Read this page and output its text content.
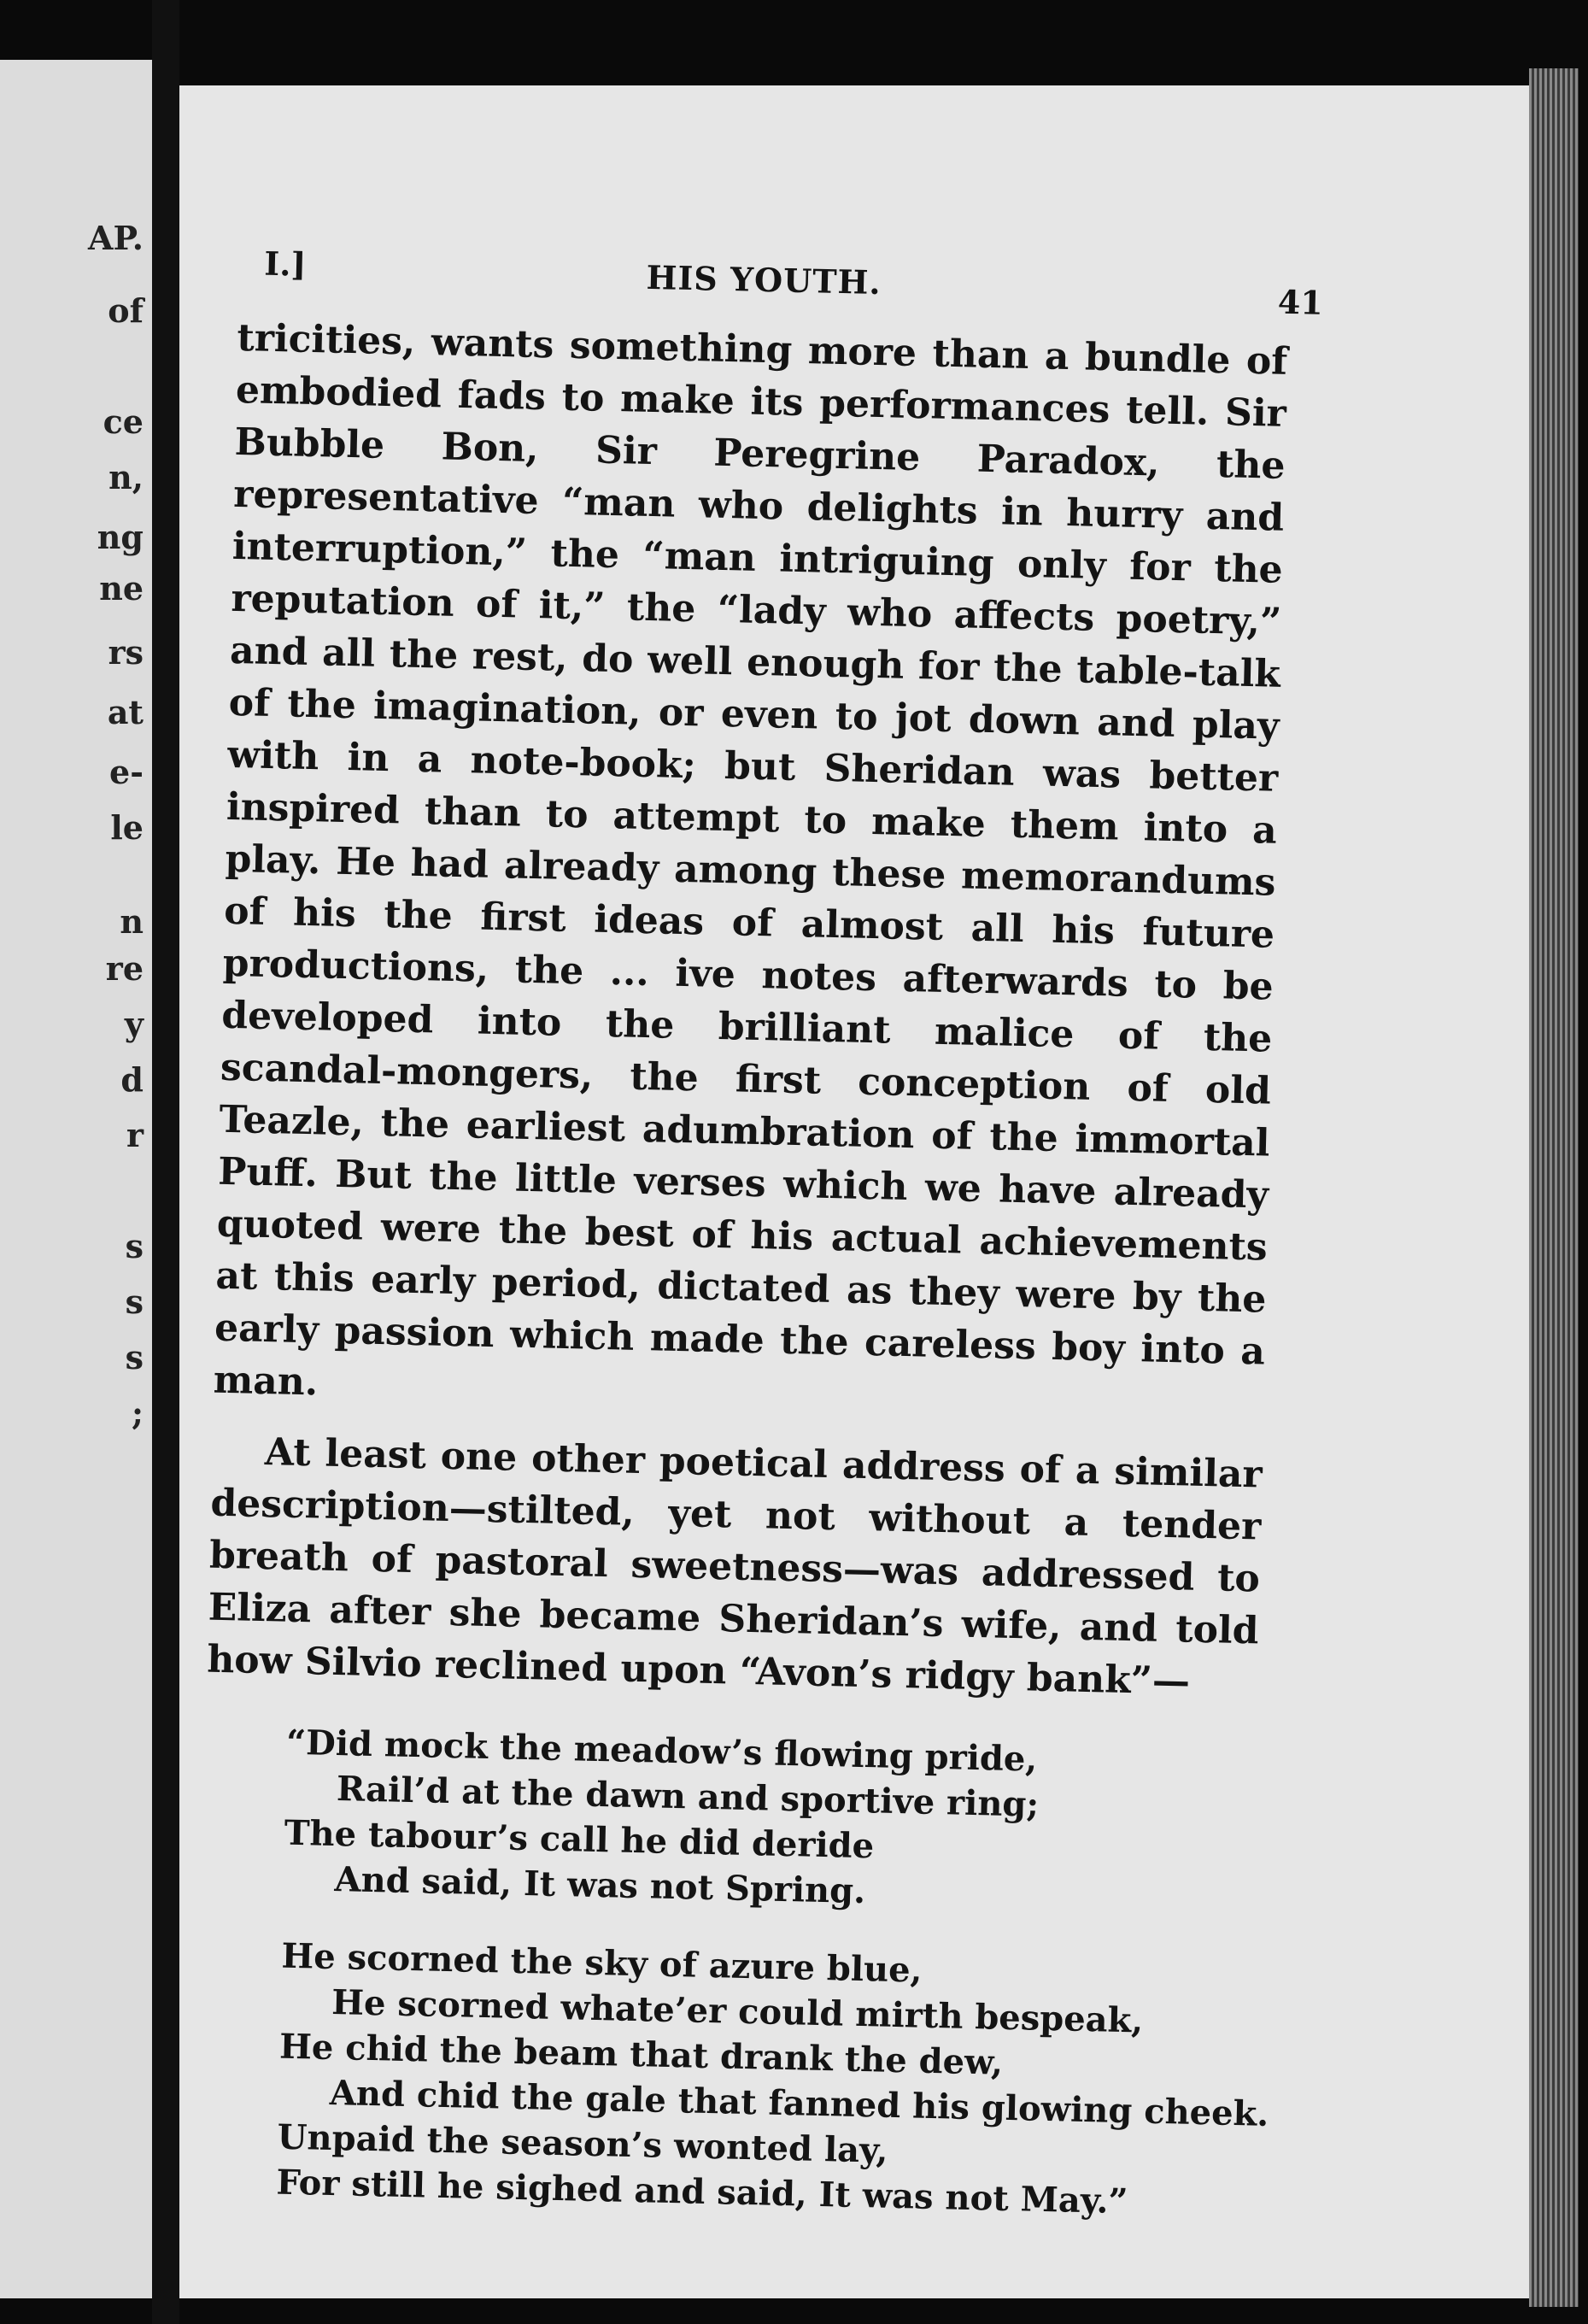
AP.
of
ce
n,
ng
ne
rs
at
e-
le
n
re
y
d
r
s
s
s
;
I.]	HIS YOUTH.
41

tricities, wants something more than a bundle of embodied fads to make its performances tell. Sir Bubble Bon, Sir Peregrine Paradox, the representative “man who delights in hurry and interruption,” the “man intriguing only for the reputation of it,” the “lady who affects poetry,” and all the rest, do well enough for the table-talk of the imagination, or even to jot down and play with in a note-book; but Sheridan was better inspired than to attempt to make them into a play. He had already among these memorandums of his the first ideas of almost all his future productions, the ... ive notes afterwards to be developed into the brilliant malice of the scandal-mongers, the first conception of old Teazle, the earliest adumbration of the immortal Puff. But the little verses which we have already quoted were the best of his actual achievements at this early period, dictated as they were by the early passion which made the careless boy into a man.

At least one other poetical address of a similar description—stilted, yet not without a tender breath of pastoral sweetness—was addressed to Eliza after she became Sheridan’s wife, and told how Silvio reclined upon “Avon’s ridgy bank”—

“Did mock the meadow’s flowing pride,
Rail’d at the dawn and sportive ring;
The tabour’s call he did deride
And said, It was not Spring.
He scorned the sky of azure blue,
He scorned whate’er could mirth bespeak,
He chid the beam that drank the dew,
And chid the gale that fanned his glowing cheek.
Unpaid the season’s wonted lay,
For still he sighed and said, It was not May.”
